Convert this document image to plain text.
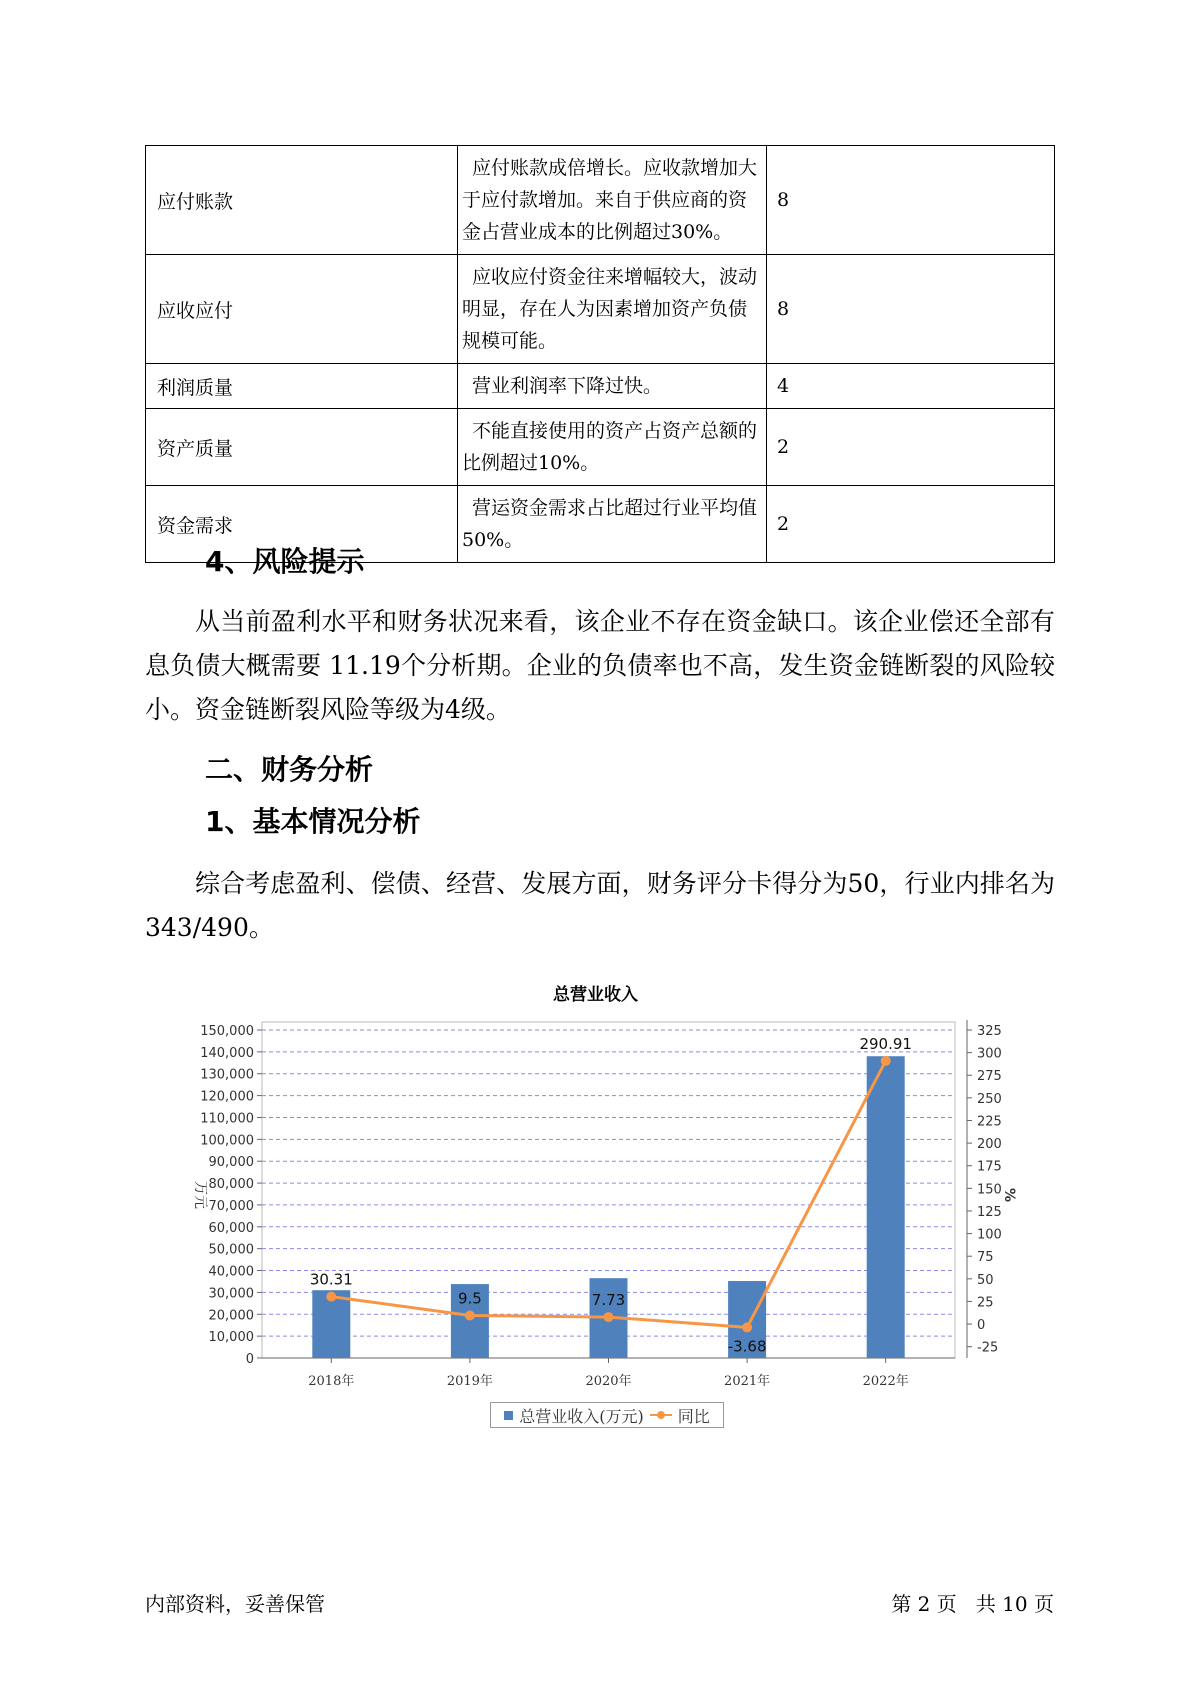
应付账款	应付账款成倍增长。应收款增加大于应付款增加。来自于供应商的资金占营业成本的比例超过30%。	8
应收应付	应收应付资金往来增幅较大，波动明显，存在人为因素增加资产负债规模可能。	8
利润质量	营业利润率下降过快。	4
资产质量	不能直接使用的资产占资产总额的比例超过10%。	2
资金需求	营运资金需求占比超过行业平均值50%。	2
4、风险提示

从当前盈利水平和财务状况来看，该企业不存在资金缺口。该企业偿还全部有息负债大概需要 11.19个分析期。企业的负债率也不高，发生资金链断裂的风险较小。资金链断裂风险等级为4级。

二、财务分析
1、基本情况分析

综合考虑盈利、偿债、经营、发展方面，财务评分卡得分为50，行业内排名为343/490。

总营业收入
0
10,000
20,000
30,000
40,000
50,000
60,000
70,000
80,000
90,000
100,000
110,000
120,000
130,000
140,000
150,000
-25
0
25
50
75
100
125
150
175
200
225
250
275
300
325
万元	%
2018年	2019年	2020年	2021年	2022年
30.31
9.5	7.73
-3.68
290.91
总营业收入(万元) 同比
内部资料，妥善保管	第 2 页   共 10 页
